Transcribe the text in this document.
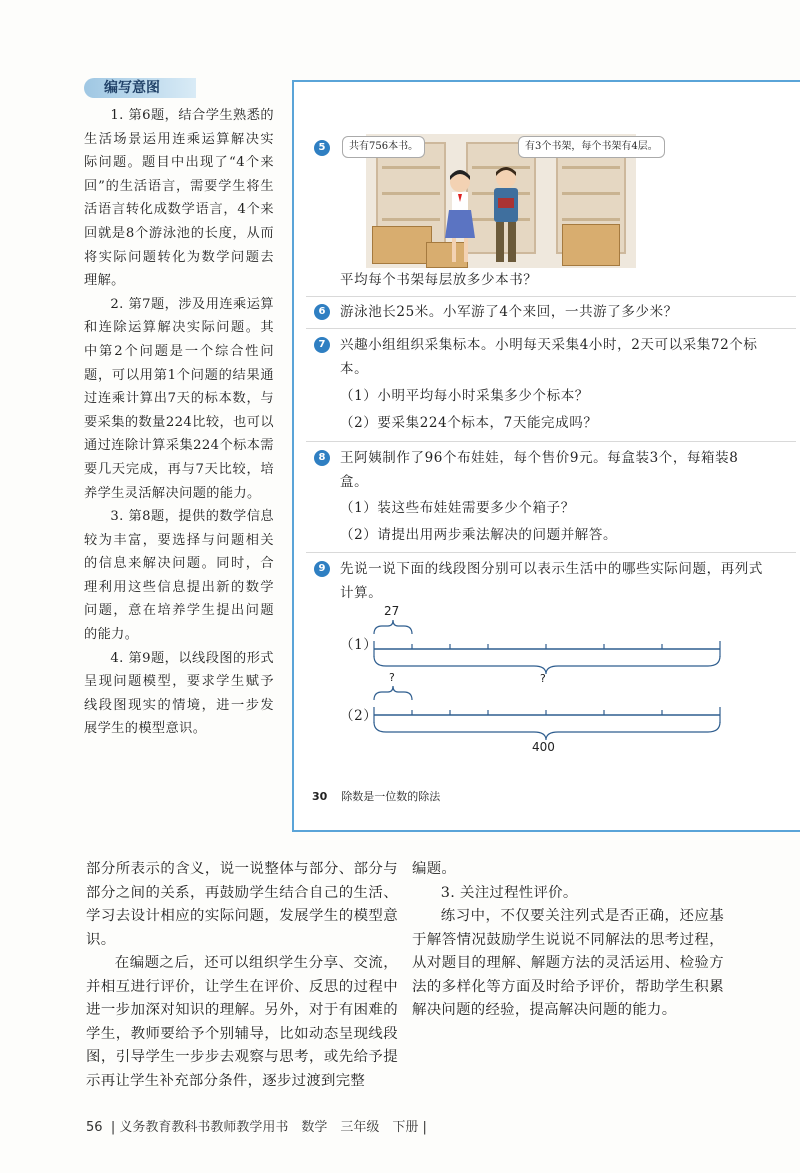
编写意图

1. 第6题，结合学生熟悉的生活场景运用连乘运算解决实际问题。题目中出现了“4个来回”的生活语言，需要学生将生活语言转化成数学语言，4个来回就是8个游泳池的长度，从而将实际问题转化为数学问题去理解。

2. 第7题，涉及用连乘运算和连除运算解决实际问题。其中第2个问题是一个综合性问题，可以用第1个问题的结果通过连乘计算出7天的标本数，与要采集的数量224比较，也可以通过连除计算采集224个标本需要几天完成，再与7天比较，培养学生灵活解决问题的能力。

3. 第8题，提供的数学信息较为丰富，要选择与问题相关的信息来解决问题。同时，合理利用这些信息提出新的数学问题，意在培养学生提出问题的能力。

4. 第9题，以线段图的形式呈现问题模型，要求学生赋予线段图现实的情境，进一步发展学生的模型意识。

5	共有756本书。	有3个书架，每个书架有4层。
平均每个书架每层放多少本书？
6	游泳池长25米。小军游了4个来回，一共游了多少米？
7	兴趣小组组织采集标本。小明每天采集4小时，2天可以采集72个标本。
（1）小明平均每小时采集多少个标本？
（2）要采集224个标本，7天能完成吗？
8	王阿姨制作了96个布娃娃，每个售价9元。每盒装3个，每箱装8盒。
（1）装这些布娃娃需要多少个箱子？
（2）请提出用两步乘法解决的问题并解答。
9	先说一说下面的线段图分别可以表示生活中的哪些实际问题，再列式计算。
（1）
（2）
27
?
?
400
30 除数是一位数的除法

部分所表示的含义，说一说整体与部分、部分与部分之间的关系，再鼓励学生结合自己的生活、学习去设计相应的实际问题，发展学生的模型意识。

在编题之后，还可以组织学生分享、交流，并相互进行评价，让学生在评价、反思的过程中进一步加深对知识的理解。另外，对于有困难的学生，教师要给予个别辅导，比如动态呈现线段图，引导学生一步步去观察与思考，或先给予提示再让学生补充部分条件，逐步过渡到完整

编题。

3. 关注过程性评价。

练习中，不仅要关注列式是否正确，还应基于解答情况鼓励学生说说不同解法的思考过程，从对题目的理解、解题方法的灵活运用、检验方法的多样化等方面及时给予评价，帮助学生积累解决问题的经验，提高解决问题的能力。

56 | 义务教育教科书教师教学用书　数学　三年级　下册 |
